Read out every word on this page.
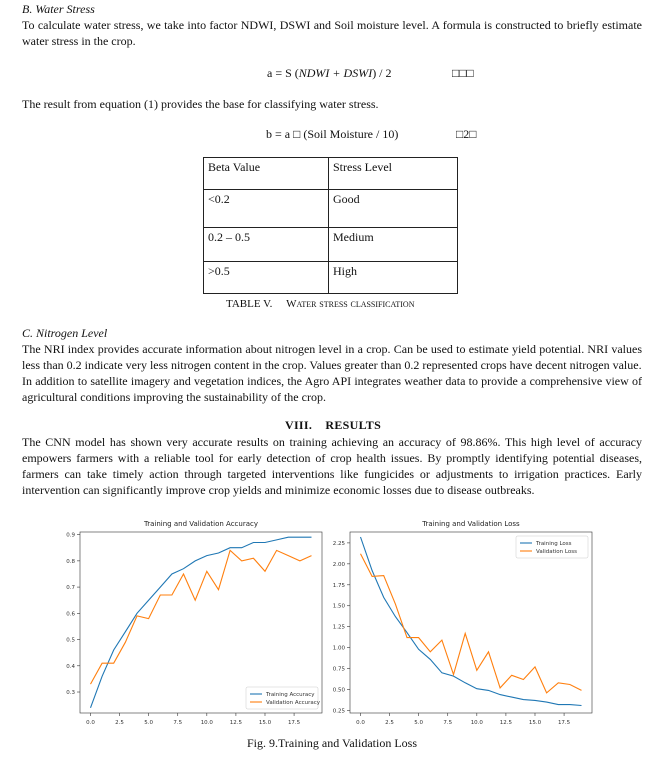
B. Water Stress
To calculate water stress, we take into factor NDWI, DSWI and Soil moisture level. A formula is constructed to briefly estimate water stress in the crop.
a = S (NDWI + DSWI) / 2	□□□
The result from equation (1) provides the base for classifying water stress.
b = a □ (Soil Moisture / 10)	□2□
Beta Value	Stress Level
<0.2	Good
0.2 – 0.5	Medium
>0.5	High
TABLE V. Water stress classification
C. Nitrogen Level
The NRI index provides accurate information about nitrogen level in a crop. Can be used to estimate yield potential. NRI values less than 0.2 indicate very less nitrogen content in the crop. Values greater than 0.2 represented crops have decent nitrogen value.
In addition to satellite imagery and vegetation indices, the Agro API integrates weather data to provide a comprehensive view of agricultural conditions improving the sustainability of the crop.
VIII.    RESULTS
The CNN model has shown very accurate results on training achieving an accuracy of 98.86%. This high level of accuracy empowers farmers with a reliable tool for early detection of crop health issues. By promptly identifying potential diseases, farmers can take timely action through targeted interventions like fungicides or adjustments to irrigation practices. Early intervention can significantly improve crop yields and minimize economic losses due to disease outbreaks.
Training and Validation Accuracy
0.0	2.5	5.0	7.5	10.0	12.5	15.0	17.5
0.3
0.4
0.5
0.6
0.7
0.8
0.9
Training Accuracy
Validation Accuracy
Training and Validation Loss
0.0	2.5	5.0	7.5	10.0	12.5	15.0	17.5
0.25
0.50
0.75
1.00
1.25
1.50
1.75
2.00
2.25	Training Loss
Validation Loss
Fig. 9.Training and Validation Loss
